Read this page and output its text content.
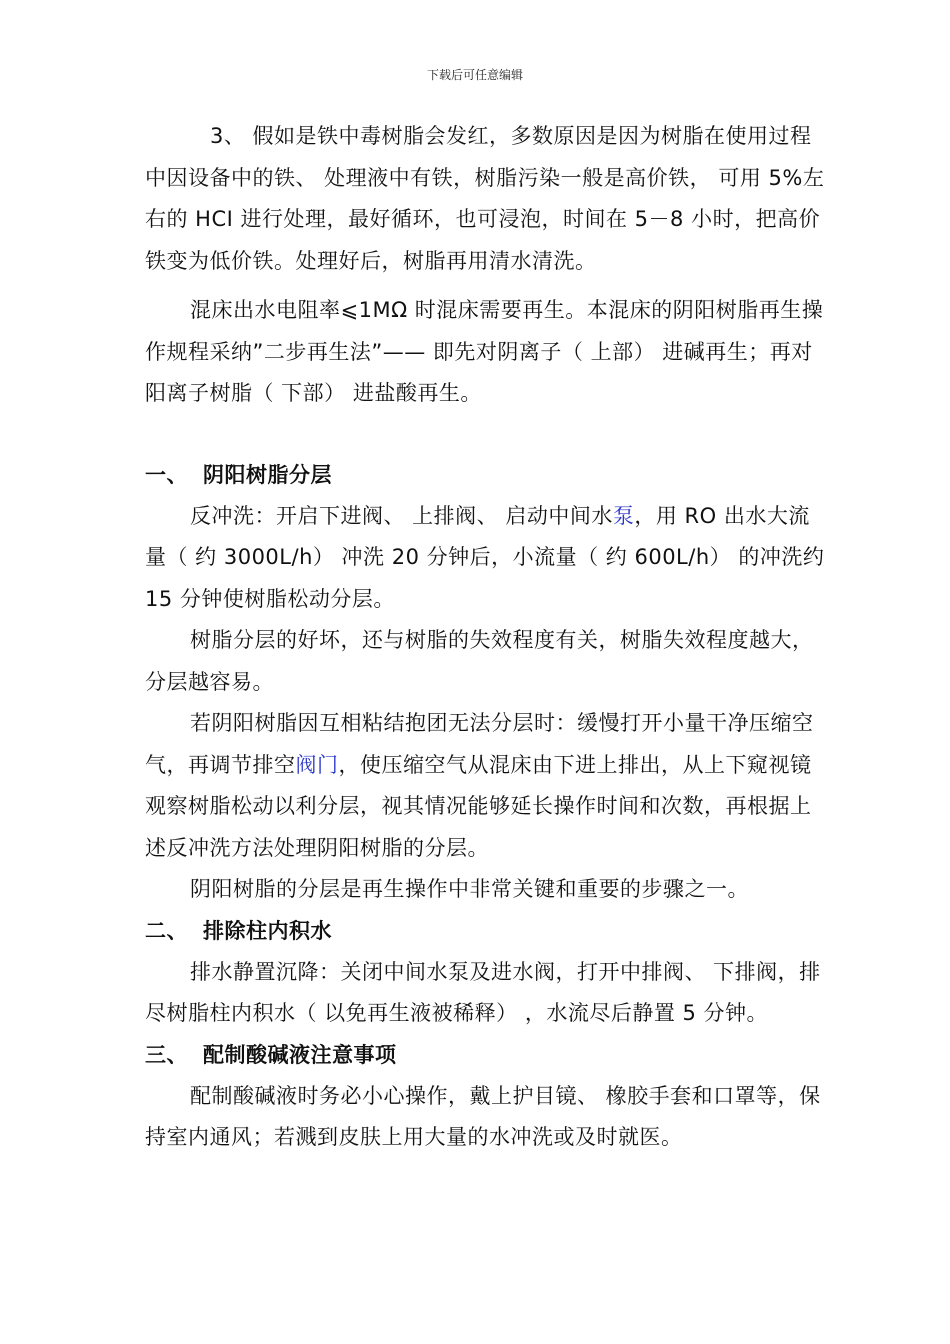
下载后可任意编辑

3、 假如是铁中毒树脂会发红，多数原因是因为树脂在使用过程中因设备中的铁、 处理液中有铁，树脂污染一般是高价铁， 可用 5%左右的 HCI 进行处理，最好循环，也可浸泡，时间在 5－8 小时，把高价铁变为低价铁。处理好后，树脂再用清水清洗。

混床出水电阻率⩽1MΩ 时混床需要再生。本混床的阴阳树脂再生操作规程采纳”二步再生法”—— 即先对阴离子（ 上部） 进碱再生；再对阳离子树脂（ 下部） 进盐酸再生。

一、 阴阳树脂分层

反冲洗：开启下进阀、 上排阀、 启动中间水泵，用 RO 出水大流量（ 约 3000L/h） 冲洗 20 分钟后，小流量（ 约 600L/h） 的冲洗约 15 分钟使树脂松动分层。

树脂分层的好坏，还与树脂的失效程度有关，树脂失效程度越大，分层越容易。

若阴阳树脂因互相粘结抱团无法分层时：缓慢打开小量干净压缩空气，再调节排空阀门，使压缩空气从混床由下进上排出，从上下窥视镜观察树脂松动以利分层，视其情况能够延长操作时间和次数，再根据上述反冲洗方法处理阴阳树脂的分层。

阴阳树脂的分层是再生操作中非常关键和重要的步骤之一。

二、 排除柱内积水

排水静置沉降：关闭中间水泵及进水阀，打开中排阀、 下排阀，排尽树脂柱内积水（ 以免再生液被稀释） ，水流尽后静置 5 分钟。

三、 配制酸碱液注意事项

配制酸碱液时务必小心操作，戴上护目镜、 橡胶手套和口罩等，保持室内通风；若溅到皮肤上用大量的水冲洗或及时就医。
